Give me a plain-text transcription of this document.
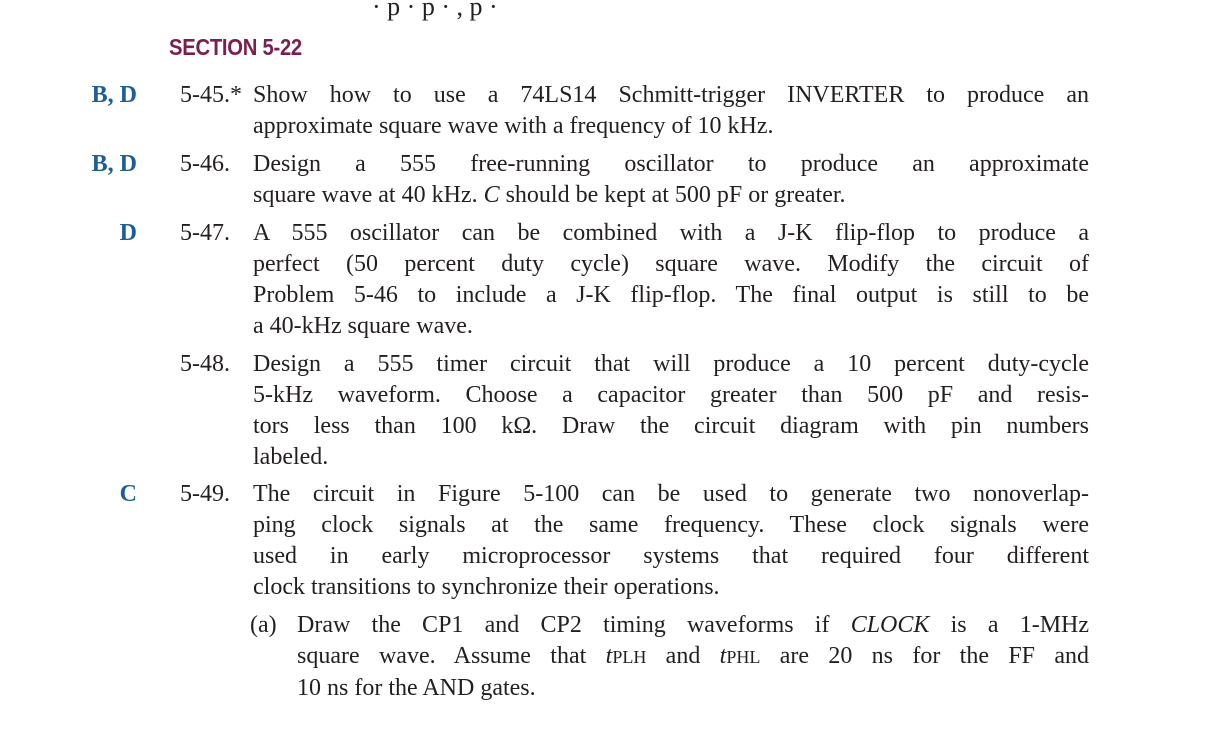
· p · p · , p ·
SECTION 5-22
B, D 5-45.* Show how to use a 74LS14 Schmitt-trigger INVERTER to produce an
approximate square wave with a frequency of 10 kHz.
B, D 5-46. Design a 555 free-running oscillator to produce an approximate
square wave at 40 kHz. C should be kept at 500 pF or greater.
D 5-47. A 555 oscillator can be combined with a J-K flip-flop to produce a
perfect (50 percent duty cycle) square wave. Modify the circuit of
Problem 5-46 to include a J-K flip-flop. The final output is still to be
a 40-kHz square wave.
5-48. Design a 555 timer circuit that will produce a 10 percent duty-cycle
5-kHz waveform. Choose a capacitor greater than 500 pF and resis-
tors less than 100 kΩ. Draw the circuit diagram with pin numbers
labeled.
C 5-49. The circuit in Figure 5-100 can be used to generate two nonoverlap-
ping clock signals at the same frequency. These clock signals were
used in early microprocessor systems that required four different
clock transitions to synchronize their operations.
(a) Draw the CP1 and CP2 timing waveforms if CLOCK is a 1-MHz
square wave. Assume that tPLH and tPHL are 20 ns for the FF and
10 ns for the AND gates.
